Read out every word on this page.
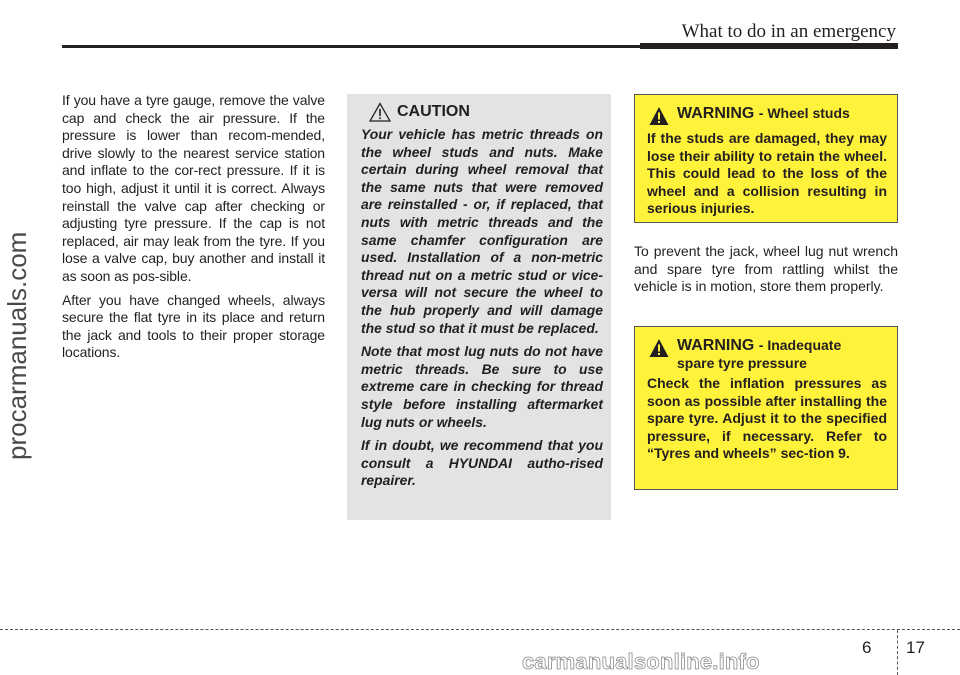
What to do in an emergency
procarmanuals.com

If you have a tyre gauge, remove the valve cap and check the air pressure. If the pressure is lower than recom-mended, drive slowly to the nearest service station and inflate to the cor-rect pressure. If it is too high, adjust it until it is correct. Always reinstall the valve cap after checking or adjusting tyre pressure. If the cap is not replaced, air may leak from the tyre. If you lose a valve cap, buy another and install it as soon as pos-sible.

After you have changed wheels, always secure the flat tyre in its place and return the jack and tools to their proper storage locations.

CAUTION

Your vehicle has metric threads on the wheel studs and nuts. Make certain during wheel removal that the same nuts that were removed are reinstalled - or, if replaced, that nuts with metric threads and the same chamfer configuration are used. Installation of a non-metric thread nut on a metric stud or vice-versa will not secure the wheel to the hub properly and will damage the stud so that it must be replaced.

Note that most lug nuts do not have metric threads. Be sure to use extreme care in checking for thread style before installing aftermarket lug nuts or wheels.

If in doubt, we recommend that you consult a HYUNDAI autho-rised repairer.

WARNING - Wheel studs

If the studs are damaged, they may lose their ability to retain the wheel. This could lead to the loss of the wheel and a collision resulting in serious injuries.

To prevent the jack, wheel lug nut wrench and spare tyre from rattling whilst the vehicle is in motion, store them properly.

WARNING - Inadequate
spare tyre pressure

Check the inflation pressures as soon as possible after installing the spare tyre. Adjust it to the specified pressure, if necessary. Refer to “Tyres and wheels” sec-tion 9.

6 17
carmanualsonline.info
